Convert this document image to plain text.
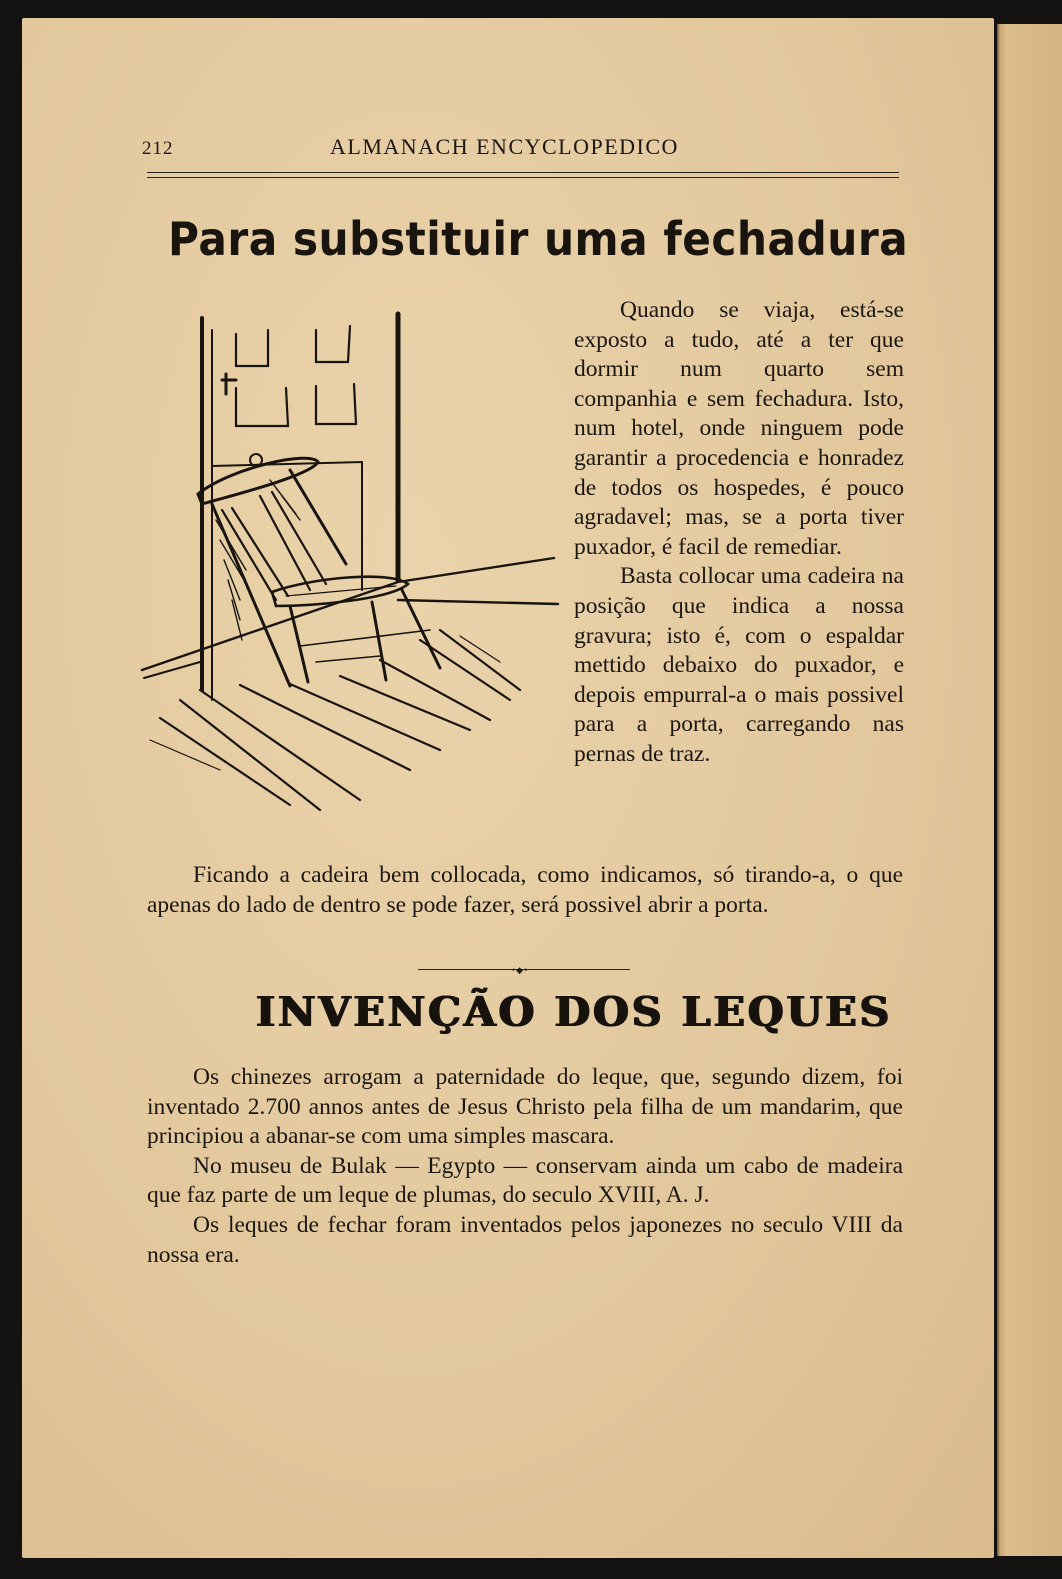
212	ALMANACH ENCYCLOPEDICO
Para substituir uma fechadura

Quando se viaja, está-se exposto a tudo, até a ter que dormir num quarto sem companhia e sem fechadura. Isto, num hotel, onde ninguem pode garantir a procedencia e honradez de todos os hospedes, é pouco agradavel; mas, se a porta tiver puxador, é facil de remediar.

Basta collocar uma cadeira na posição que indica a nossa gravura; isto é, com o espaldar mettido debaixo do puxador, e depois empurral-a o mais possivel para a porta, carregando nas pernas de traz.

Ficando a cadeira bem collocada, como indicamos, só tirando-a, o que apenas do lado de dentro se pode fazer, será possivel abrir a porta.

•◆•
INVENÇÃO DOS LEQUES

Os chinezes arrogam a paternidade do leque, que, segundo dizem, foi inventado 2.700 annos antes de Jesus Christo pela filha de um mandarim, que principiou a abanar-se com uma simples mascara.

No museu de Bulak — Egypto — conservam ainda um cabo de madeira que faz parte de um leque de plumas, do seculo XVIII, A. J.

Os leques de fechar foram inventados pelos japonezes no seculo VIII da nossa era.
